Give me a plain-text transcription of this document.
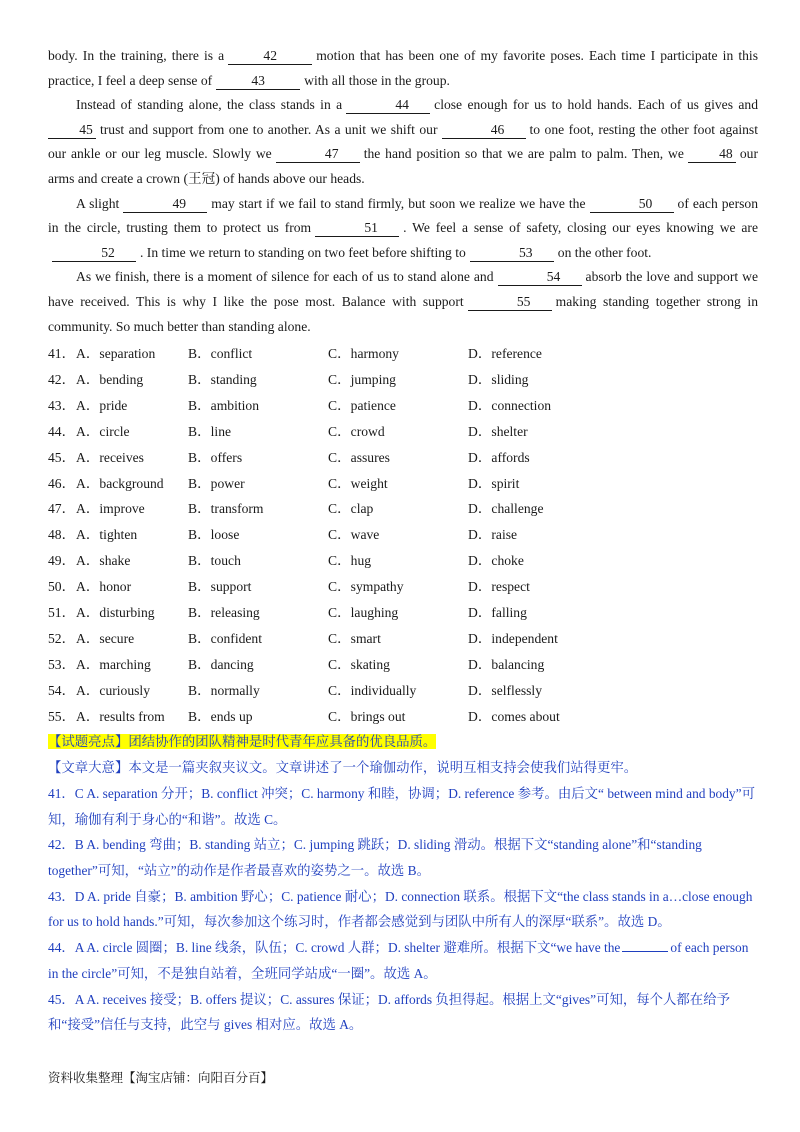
body. In the training, there is a	42	motion that has been one of my favorite poses. Each time I participate in this practice, I feel a deep sense of	43	with all those in the group.

Instead of standing alone, the class stands in a	44 close enough for us to hold hands. Each of us gives and 45 trust and support from one to another. As a unit we shift our	46 to one foot, resting the other foot against our ankle or our leg muscle. Slowly we	47 the hand position so that we are palm to palm. Then, we	48 our arms and create a crown (王冠) of hands above our heads.

A slight	49 may start if we fail to stand firmly, but soon we realize we have the	50 of each person in the circle, trusting them to protect us from	51 . We feel a sense of safety, closing our eyes knowing we are52 . In time we return to standing on two feet before shifting to	53 on the other foot.

As we finish, there is a moment of silence for each of us to stand alone and	54 absorb the love and support we have received. This is why I like the pose most. Balance with support	55 making standing together strong in community. So much better than standing alone.

41． A．separation	B．conflict	C．harmony	D．reference
42． A．bending	B．standing	C．jumping	D．sliding
43． A．pride	B．ambition	C．patience	D．connection
44． A．circle	B．line	C．crowd	D．shelter
45． A．receives	B．offers	C．assures	D．affords
46． A．background	B．power	C．weight	D．spirit
47． A．improve	B．transform	C．clap	D．challenge
48． A．tighten	B．loose	C．wave	D．raise
49． A．shake	B．touch	C．hug	D．choke
50． A．honor	B．support	C．sympathy	D．respect
51． A．disturbing	B．releasing	C．laughing	D．falling
52． A．secure	B．confident	C．smart	D．independent
53． A．marching	B．dancing	C．skating	D．balancing
54． A．curiously	B．normally	C．individually	D．selflessly
55． A．results from	B．ends up	C．brings out	D．comes about

【试题亮点】团结协作的团队精神是时代青年应具备的优良品质。

【文章大意】本文是一篇夹叙夹议文。文章讲述了一个瑜伽动作，说明互相支持会使我们站得更牢。

41．C A. separation 分开；B. conflict 冲突；C. harmony 和睦，协调；D. reference 参考。由后文“ between mind and body”可知，瑜伽有利于身心的“和谐”。故选 C。

42．B A. bending 弯曲；B. standing 站立；C. jumping 跳跃；D. sliding 滑动。根据下文“standing alone”和“standing together”可知，“站立”的动作是作者最喜欢的姿势之一。故选 B。

43．D A. pride 自豪；B. ambition 野心；C. patience 耐心；D. connection 联系。根据下文“the class stands in a…close enough for us to hold hands.”可知，每次参加这个练习时，作者都会感觉到与团队中所有人的深厚“联系”。故选 D。

44．A A. circle 圆圈；B. line 线条，队伍；C. crowd 人群；D. shelter 避难所。根据下文“we have the	of each person in the circle”可知，不是独自站着，全班同学站成“一圈”。故选 A。

45．A A. receives 接受；B. offers 提议；C. assures 保证；D. affords 负担得起。根据上文“gives”可知，每个人都在给予和“接受”信任与支持，此空与 gives 相对应。故选 A。

资料收集整理【淘宝店铺：向阳百分百】
